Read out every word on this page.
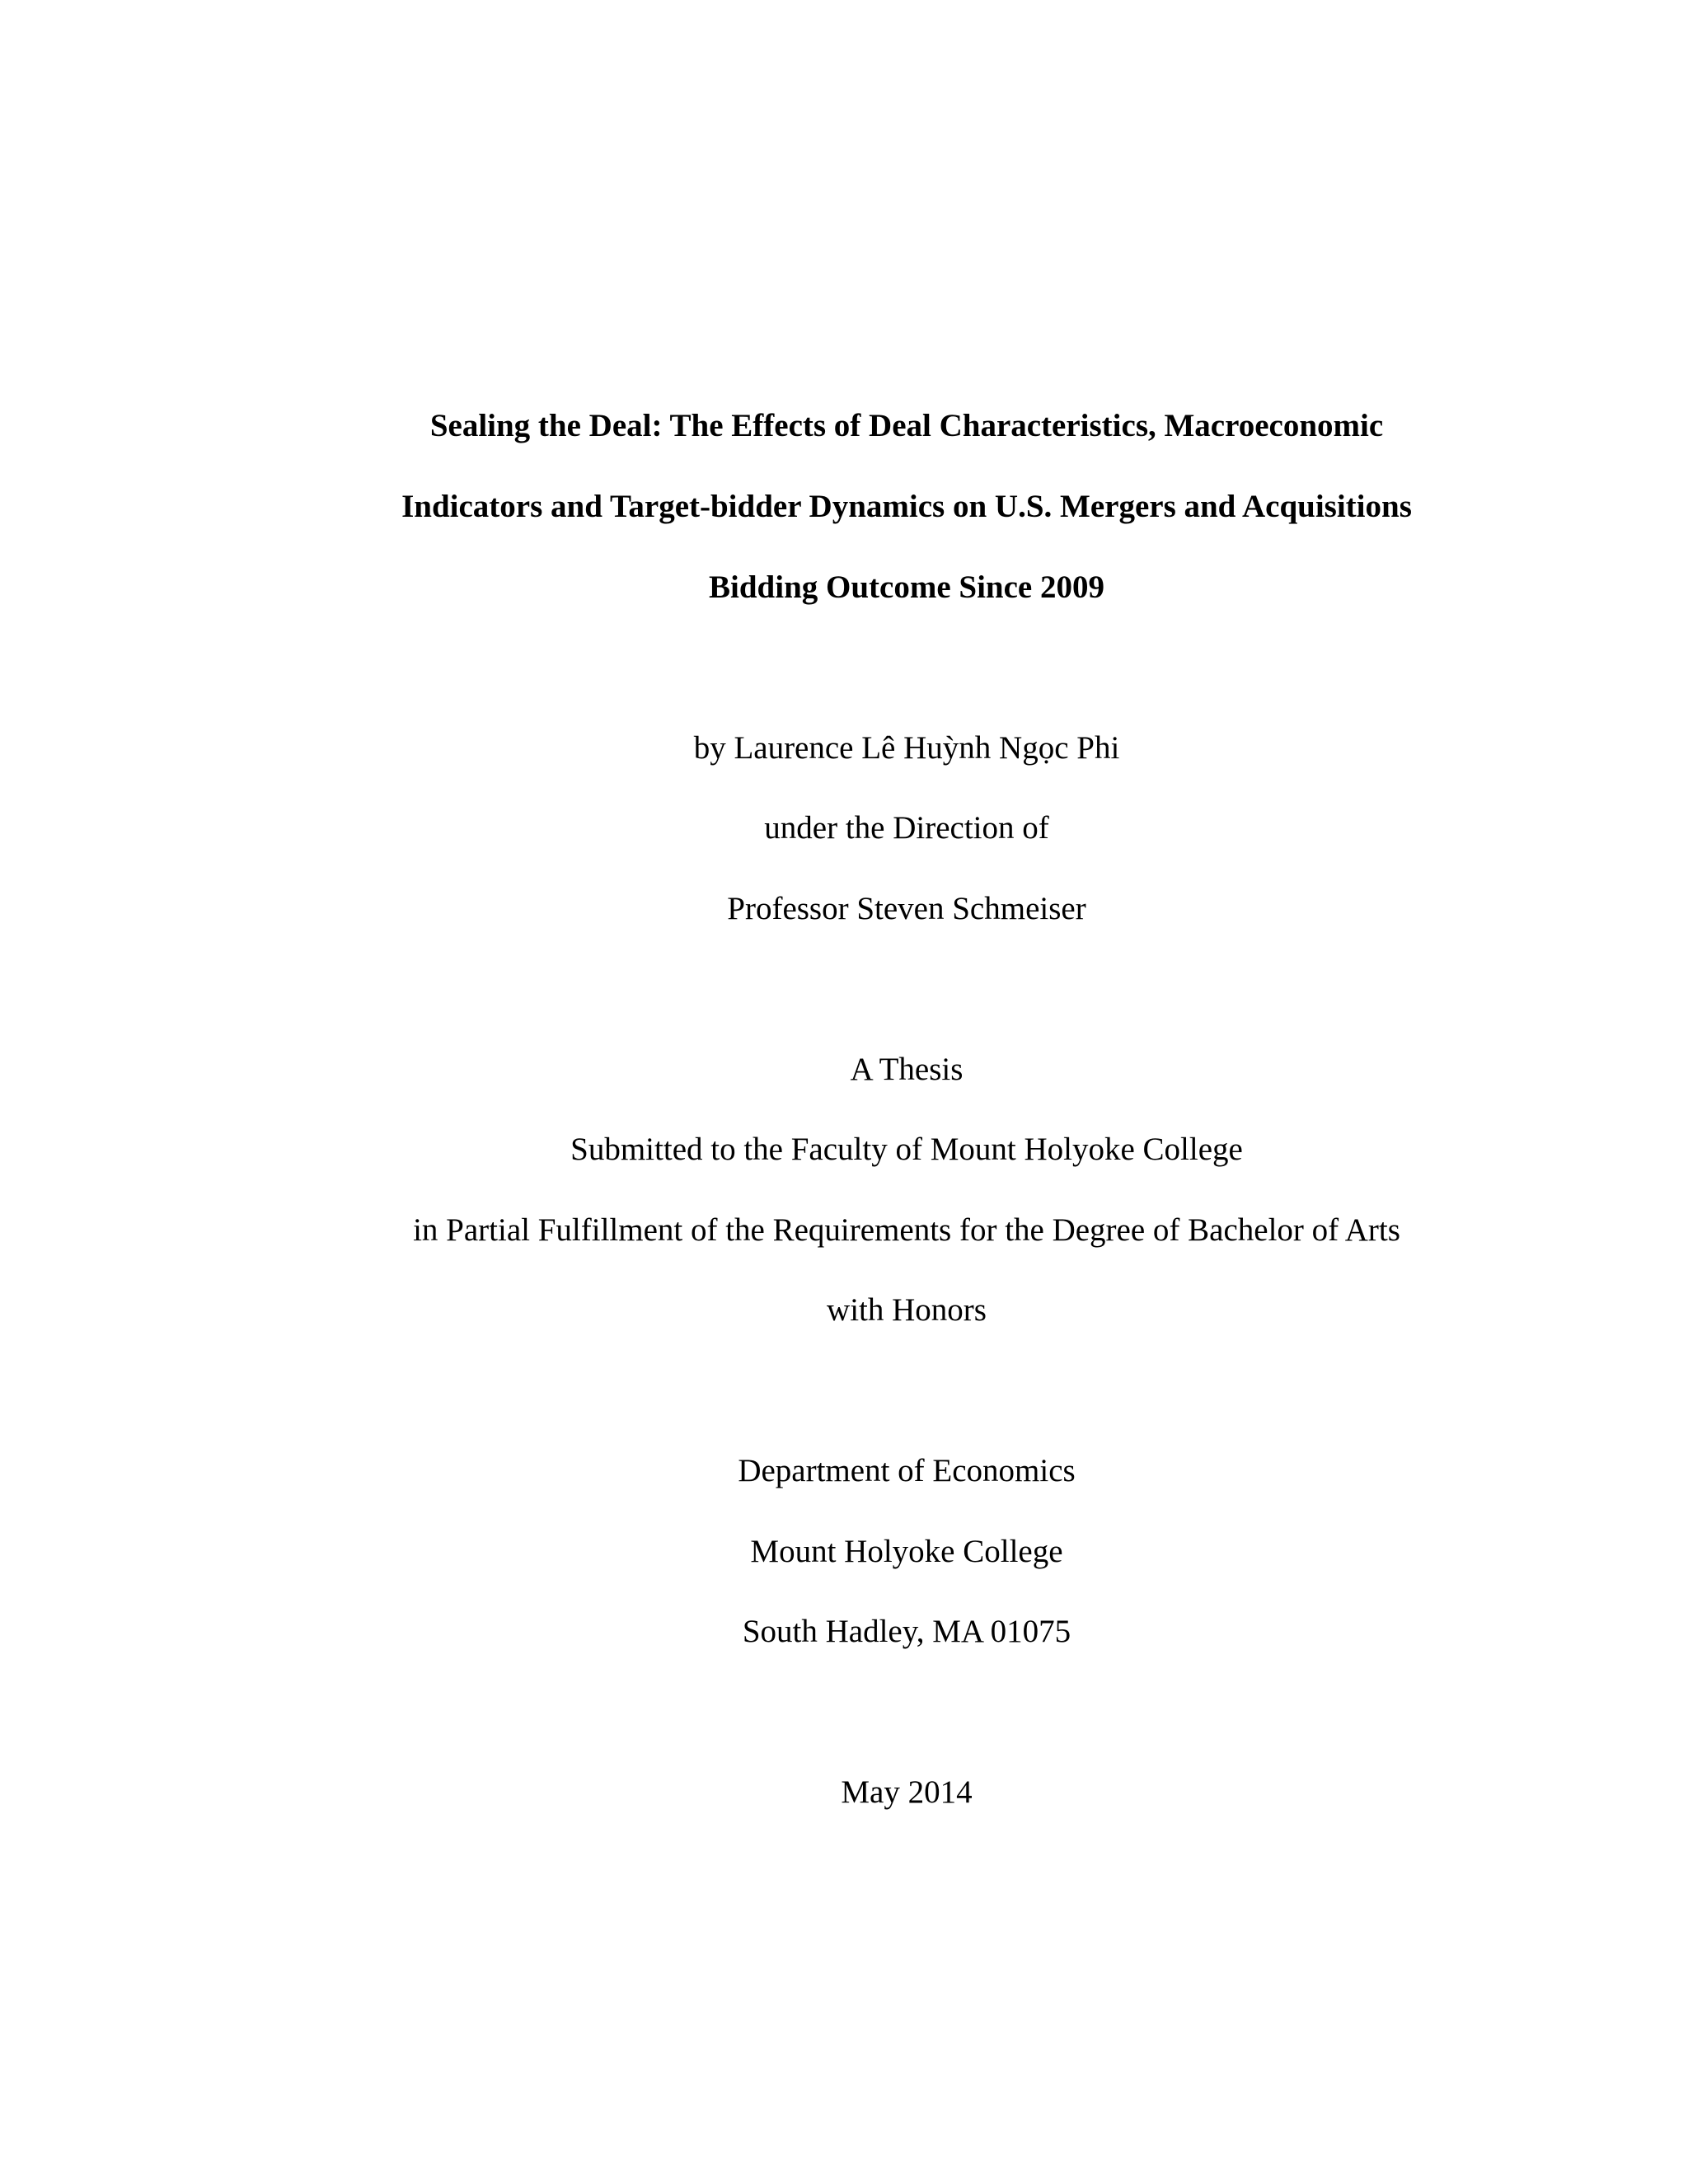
Sealing the Deal: The Effects of Deal Characteristics, Macroeconomic

Indicators and Target-bidder Dynamics on U.S. Mergers and Acquisitions

Bidding Outcome Since 2009

by Laurence Lê Huỳnh Ngọc Phi

under the Direction of

Professor Steven Schmeiser

A Thesis

Submitted to the Faculty of Mount Holyoke College

in Partial Fulfillment of the Requirements for the Degree of Bachelor of Arts

with Honors

Department of Economics

Mount Holyoke College

South Hadley, MA 01075

May 2014
